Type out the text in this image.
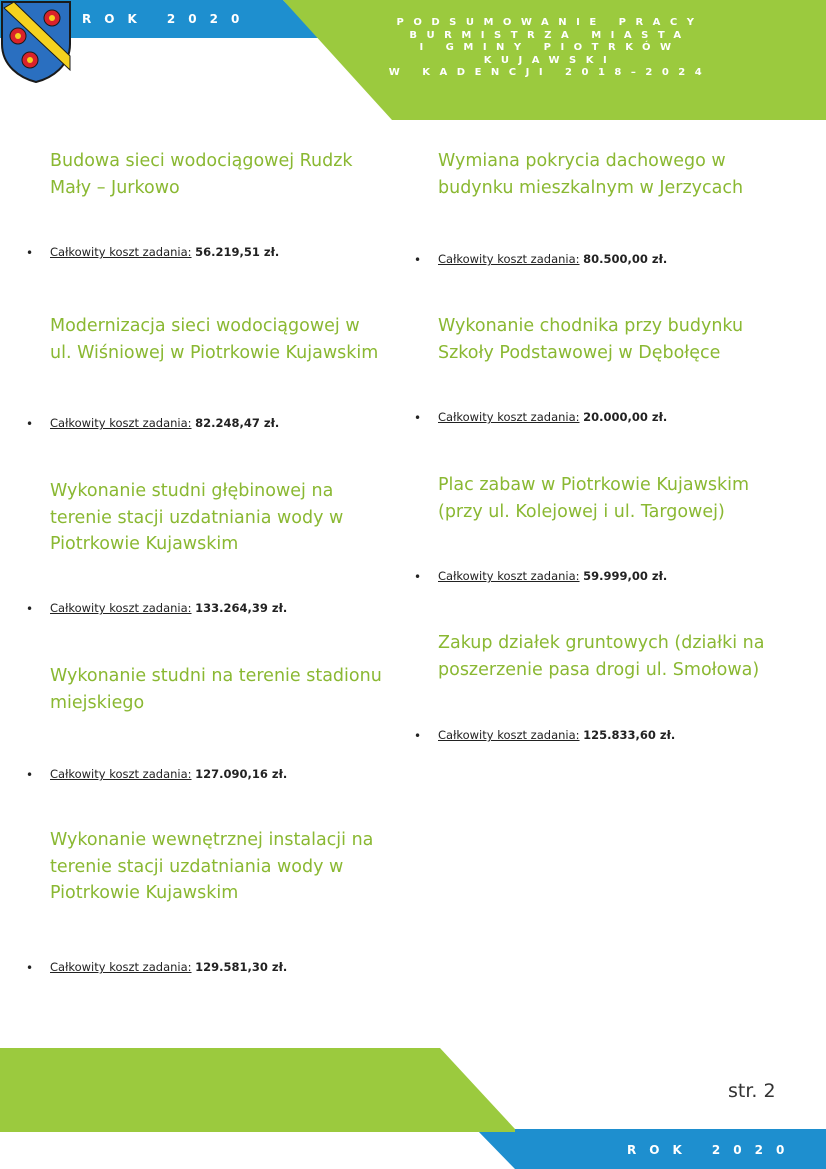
ROK 2020	PODSUMOWANIE PRACY
BURMISTRZA MIASTA
I GMINY PIOTRKÓW
KUJAWSKI
W KADENCJI 2018–2024
Budowa sieci wodociągowej Rudzk Mały – Jurkowo
• Całkowity koszt zadania: 56.219,51 zł.
Modernizacja sieci wodociągowej w ul. Wiśniowej w Piotrkowie Kujawskim
• Całkowity koszt zadania: 82.248,47 zł.
Wykonanie studni głębinowej na terenie stacji uzdatniania wody w Piotrkowie Kujawskim
• Całkowity koszt zadania: 133.264,39 zł.
Wykonanie studni na terenie stadionu miejskiego
• Całkowity koszt zadania: 127.090,16 zł.
Wykonanie wewnętrznej instalacji na terenie stacji uzdatniania wody w Piotrkowie Kujawskim
• Całkowity koszt zadania: 129.581,30 zł.
Wymiana pokrycia dachowego w budynku mieszkalnym w Jerzycach
• Całkowity koszt zadania: 80.500,00 zł.
Wykonanie chodnika przy budynku Szkoły Podstawowej w Dębołęce
• Całkowity koszt zadania: 20.000,00 zł.
Plac zabaw w Piotrkowie Kujawskim (przy ul. Kolejowej i ul. Targowej)
• Całkowity koszt zadania: 59.999,00 zł.
Zakup działek gruntowych (działki na poszerzenie pasa drogi ul. Smołowa)
• Całkowity koszt zadania: 125.833,60 zł.
str. 2
ROK 2020
